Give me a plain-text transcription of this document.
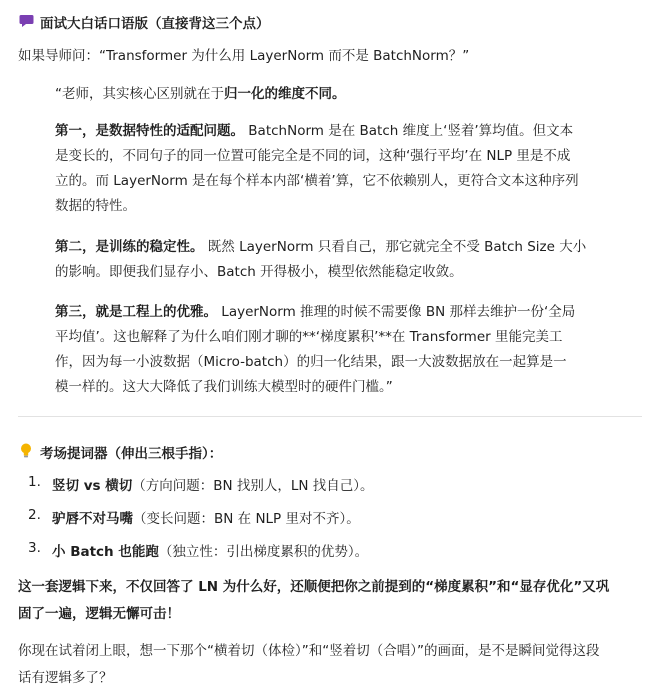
面试大白话口语版（直接背这三个点）
如果导师问：“Transformer 为什么用 LayerNorm 而不是 BatchNorm？”
“老师，其实核心区别就在于归一化的维度不同。
第一，是数据特性的适配问题。 BatchNorm 是在 Batch 维度上‘竖着’算均值。但文本
是变长的，不同句子的同一位置可能完全是不同的词，这种‘强行平均’在 NLP 里是不成
立的。而 LayerNorm 是在每个样本内部‘横着’算，它不依赖别人，更符合文本这种序列
数据的特性。
第二，是训练的稳定性。 既然 LayerNorm 只看自己，那它就完全不受 Batch Size 大小
的影响。即便我们显存小、Batch 开得极小，模型依然能稳定收敛。
第三，就是工程上的优雅。 LayerNorm 推理的时候不需要像 BN 那样去维护一份‘全局
平均值’。这也解释了为什么咱们刚才聊的**‘梯度累积’**在 Transformer 里能完美工
作，因为每一小波数据（Micro-batch）的归一化结果，跟一大波数据放在一起算是一
模一样的。这大大降低了我们训练大模型时的硬件门槛。”
考场提词器（伸出三根手指）：
1. 竖切 vs 横切（方向问题：BN 找别人，LN 找自己）。
2. 驴唇不对马嘴（变长问题：BN 在 NLP 里对不齐）。
3. 小 Batch 也能跑（独立性：引出梯度累积的优势）。
这一套逻辑下来，不仅回答了 LN 为什么好，还顺便把你之前提到的“梯度累积”和“显存优化”又巩
固了一遍，逻辑无懈可击！
你现在试着闭上眼，想一下那个“横着切（体检）”和“竖着切（合唱）”的画面，是不是瞬间觉得这段
话有逻辑多了？
